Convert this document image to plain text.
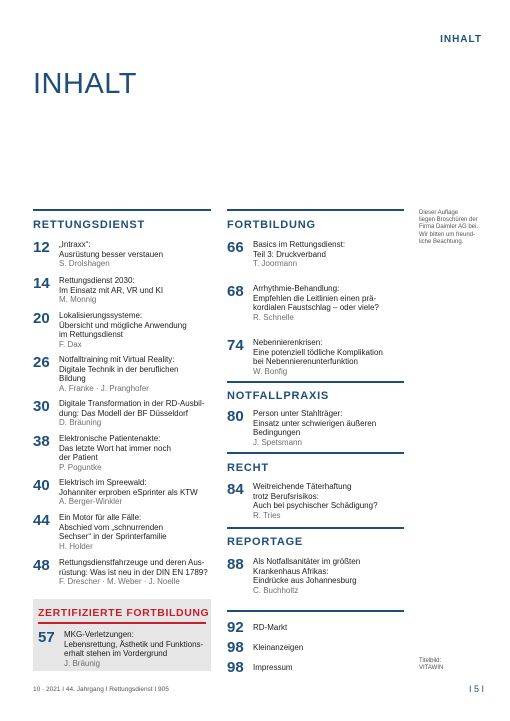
INHALT
INHALT
RETTUNGSDIENST
12	„Intraxx“:
Ausrüstung besser verstauen
S. Drolshagen
14	Rettungsdienst 2030:
Im Einsatz mit AR, VR und KI
M. Monnig
20	Lokalisierungssysteme:
Übersicht und mögliche Anwendung
im Rettungsdienst
F. Dax
26	Notfalltraining mit Virtual Reality:
Digitale Technik in der beruflichen
Bildung
A. Franke · J. Pranghofer
30	Digitale Transformation in der RD-Ausbil-
dung: Das Modell der BF Düsseldorf
D. Bräuning
38	Elektronische Patientenakte:
Das letzte Wort hat immer noch
der Patient
P. Poguntke
40	Elektrisch im Spreewald:
Johanniter erproben eSprinter als KTW
A. Berger-Winkler
44	Ein Motor für alle Fälle:
Abschied vom „schnurrenden
Sechser“ in der Sprinterfamilie
H. Holder
48	Rettungsdienstfahrzeuge und deren Aus-
rüstung: Was ist neu in der DIN EN 1789?
F. Drescher · M. Weber · J. Noelle
ZERTIFIZIERTE FORTBILDUNG
57	MKG-Verletzungen:
Lebensrettung, Ästhetik und Funktions-
erhalt stehen im Vordergrund
J. Bräunig
FORTBILDUNG
66	Basics im Rettungsdienst:
Teil 3: Druckverband
T. Joormann
68	Arrhythmie-Behandlung:
Empfehlen die Leitlinien einen prä-
kordialen Faustschlag – oder viele?
R. Schnelle
74	Nebennierenkrisen:
Eine potenziell tödliche Komplikation
bei Nebennierenunterfunktion
W. Bonfig
NOTFALLPRAXIS
80	Person unter Stahlträger:
Einsatz unter schwierigen äußeren
Bedingungen
J. Spetsmann
RECHT
84	Weitreichende Täterhaftung
trotz Berufsrisikos:
Auch bei psychischer Schädigung?
R. Tries
REPORTAGE
88	Als Notfallsanitäter im größten
Krankenhaus Afrikas:
Eindrücke aus Johannesburg
C. Buchholtz
92	RD-Markt
98	Kleinanzeigen
98	Impressum
Dieser Auflage
liegen Broschüren der
Firma Daimler AG bei.
Wir bitten um freund-
liche Beachtung.
Titelbild:
VITAWIN
10 · 2021 I 44. Jahrgang I Rettungsdienst I 905	I 5 I
